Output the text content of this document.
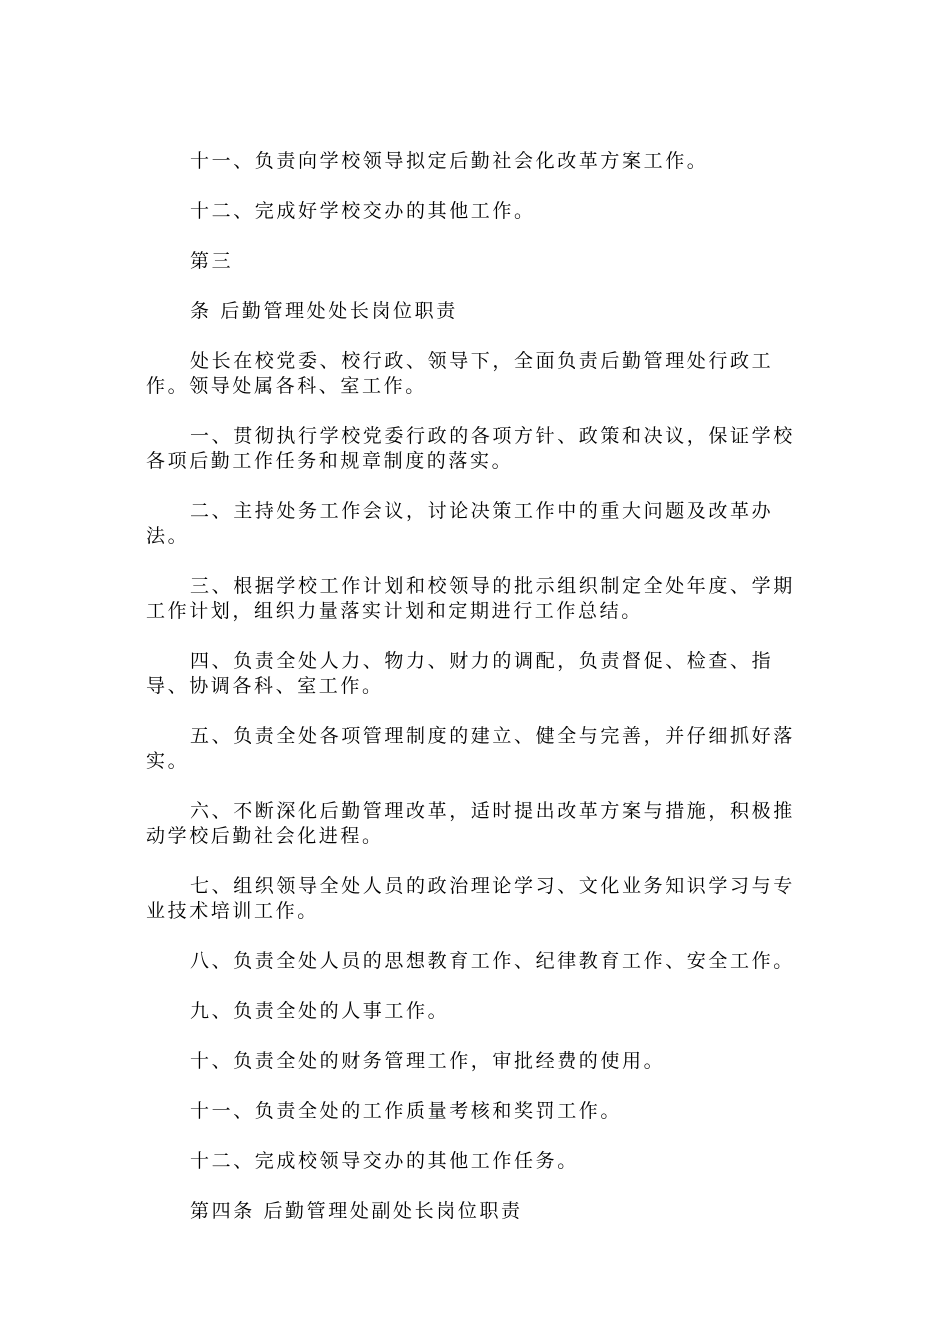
十一、负责向学校领导拟定后勤社会化改革方案工作。

十二、完成好学校交办的其他工作。

第三

条 后勤管理处处长岗位职责

处长在校党委、校行政、领导下，全面负责后勤管理处行政工作。领导处属各科、室工作。

一、贯彻执行学校党委行政的各项方针、政策和决议，保证学校各项后勤工作任务和规章制度的落实。

二、主持处务工作会议，讨论决策工作中的重大问题及改革办法。

三、根据学校工作计划和校领导的批示组织制定全处年度、学期工作计划，组织力量落实计划和定期进行工作总结。

四、负责全处人力、物力、财力的调配，负责督促、检查、指导、协调各科、室工作。

五、负责全处各项管理制度的建立、健全与完善，并仔细抓好落实。

六、不断深化后勤管理改革，适时提出改革方案与措施，积极推动学校后勤社会化进程。

七、组织领导全处人员的政治理论学习、文化业务知识学习与专业技术培训工作。

八、负责全处人员的思想教育工作、纪律教育工作、安全工作。

九、负责全处的人事工作。

十、负责全处的财务管理工作，审批经费的使用。

十一、负责全处的工作质量考核和奖罚工作。

十二、完成校领导交办的其他工作任务。

第四条 后勤管理处副处长岗位职责
